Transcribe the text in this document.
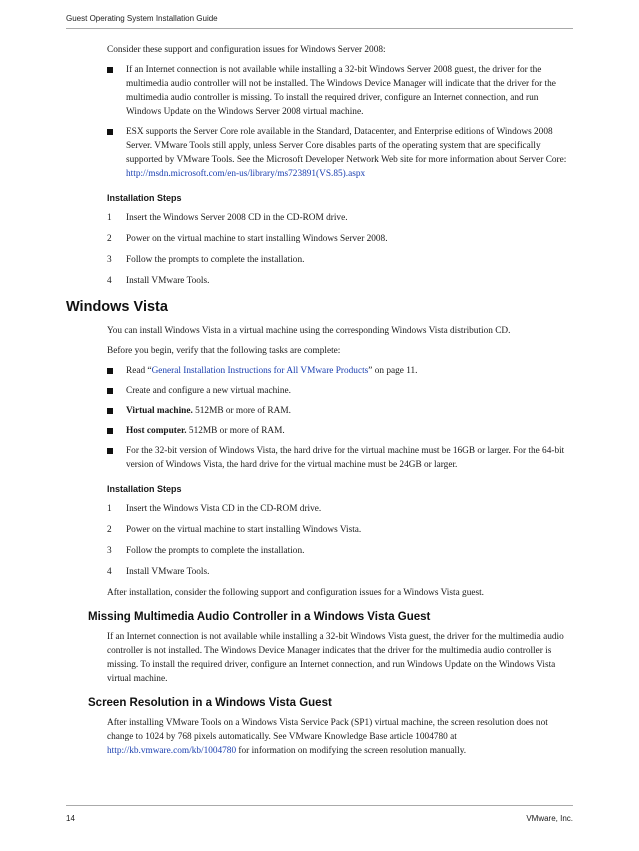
Guest Operating System Installation Guide

Consider these support and configuration issues for Windows Server 2008:

If an Internet connection is not available while installing a 32-bit Windows Server 2008 guest, the driver for the multimedia audio controller will not be installed. The Windows Device Manager will indicate that the driver for the multimedia audio controller is missing. To install the required driver, configure an Internet connection, and run Windows Update on the Windows Server 2008 virtual machine.
ESX supports the Server Core role available in the Standard, Datacenter, and Enterprise editions of Windows 2008 Server. VMware Tools still apply, unless Server Core disables parts of the operating system that are specifically supported by VMware Tools. See the Microsoft Developer Network Web site for more information about Server Core: http://msdn.microsoft.com/en-us/library/ms723891(VS.85).aspx
Installation Steps
1 Insert the Windows Server 2008 CD in the CD-ROM drive.
2 Power on the virtual machine to start installing Windows Server 2008.
3 Follow the prompts to complete the installation.
4 Install VMware Tools.
Windows Vista

You can install Windows Vista in a virtual machine using the corresponding Windows Vista distribution CD.

Before you begin, verify that the following tasks are complete:

Read “General Installation Instructions for All VMware Products” on page 11.
Create and configure a new virtual machine.
Virtual machine. 512MB or more of RAM.
Host computer. 512MB or more of RAM.
For the 32-bit version of Windows Vista, the hard drive for the virtual machine must be 16GB or larger. For the 64-bit version of Windows Vista, the hard drive for the virtual machine must be 24GB or larger.
Installation Steps
1 Insert the Windows Vista CD in the CD-ROM drive.
2 Power on the virtual machine to start installing Windows Vista.
3 Follow the prompts to complete the installation.
4 Install VMware Tools.

After installation, consider the following support and configuration issues for a Windows Vista guest.

Missing Multimedia Audio Controller in a Windows Vista Guest

If an Internet connection is not available while installing a 32-bit Windows Vista guest, the driver for the multimedia audio controller is not installed. The Windows Device Manager indicates that the driver for the multimedia audio controller is missing. To install the required driver, configure an Internet connection, and run Windows Update on the Windows Vista virtual machine.

Screen Resolution in a Windows Vista Guest

After installing VMware Tools on a Windows Vista Service Pack (SP1) virtual machine, the screen resolution does not change to 1024 by 768 pixels automatically. See VMware Knowledge Base article 1004780 at http://kb.vmware.com/kb/1004780 for information on modifying the screen resolution manually.

14	VMware, Inc.
